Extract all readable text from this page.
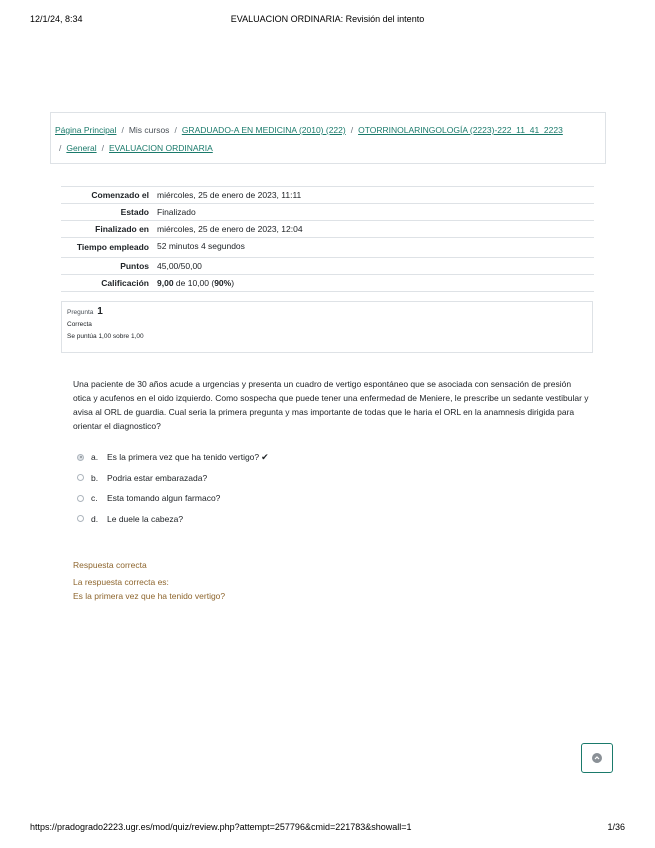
12/1/24, 8:34	EVALUACION ORDINARIA: Revisión del intento
Página Principal / Mis cursos / GRADUADO-A EN MEDICINA (2010) (222) / OTORRINOLARINGOLOGÍA (2223)-222_11_41_2223
/ General / EVALUACION ORDINARIA
Comenzado el	miércoles, 25 de enero de 2023, 11:11
Estado	Finalizado
Finalizado en	miércoles, 25 de enero de 2023, 12:04
Tiempo empleado	52 minutos 4 segundos
Puntos	45,00/50,00
Calificación	9,00 de 10,00 (90%)
Pregunta 1
Correcta
Se puntúa 1,00 sobre 1,00
Una paciente de 30 años acude a urgencias y presenta un cuadro de vertigo espontáneo que se asociada con sensación de presión otica y acufenos en el oido izquierdo. Como sospecha que puede tener una enfermedad de Meniere, le prescribe un sedante vestibular y avisa al ORL de guardia. Cual seria la primera pregunta y mas importante de todas que le haria el ORL en la anamnesis dirigida para orientar el diagnostico?
a.	Es la primera vez que ha tenido vertigo? ✔
b.	Podria estar embarazada?
c.	Esta tomando algun farmaco?
d.	Le duele la cabeza?
Respuesta correcta
La respuesta correcta es:
Es la primera vez que ha tenido vertigo?
https://pradogrado2223.ugr.es/mod/quiz/review.php?attempt=257796&cmid=221783&showall=1	1/36
